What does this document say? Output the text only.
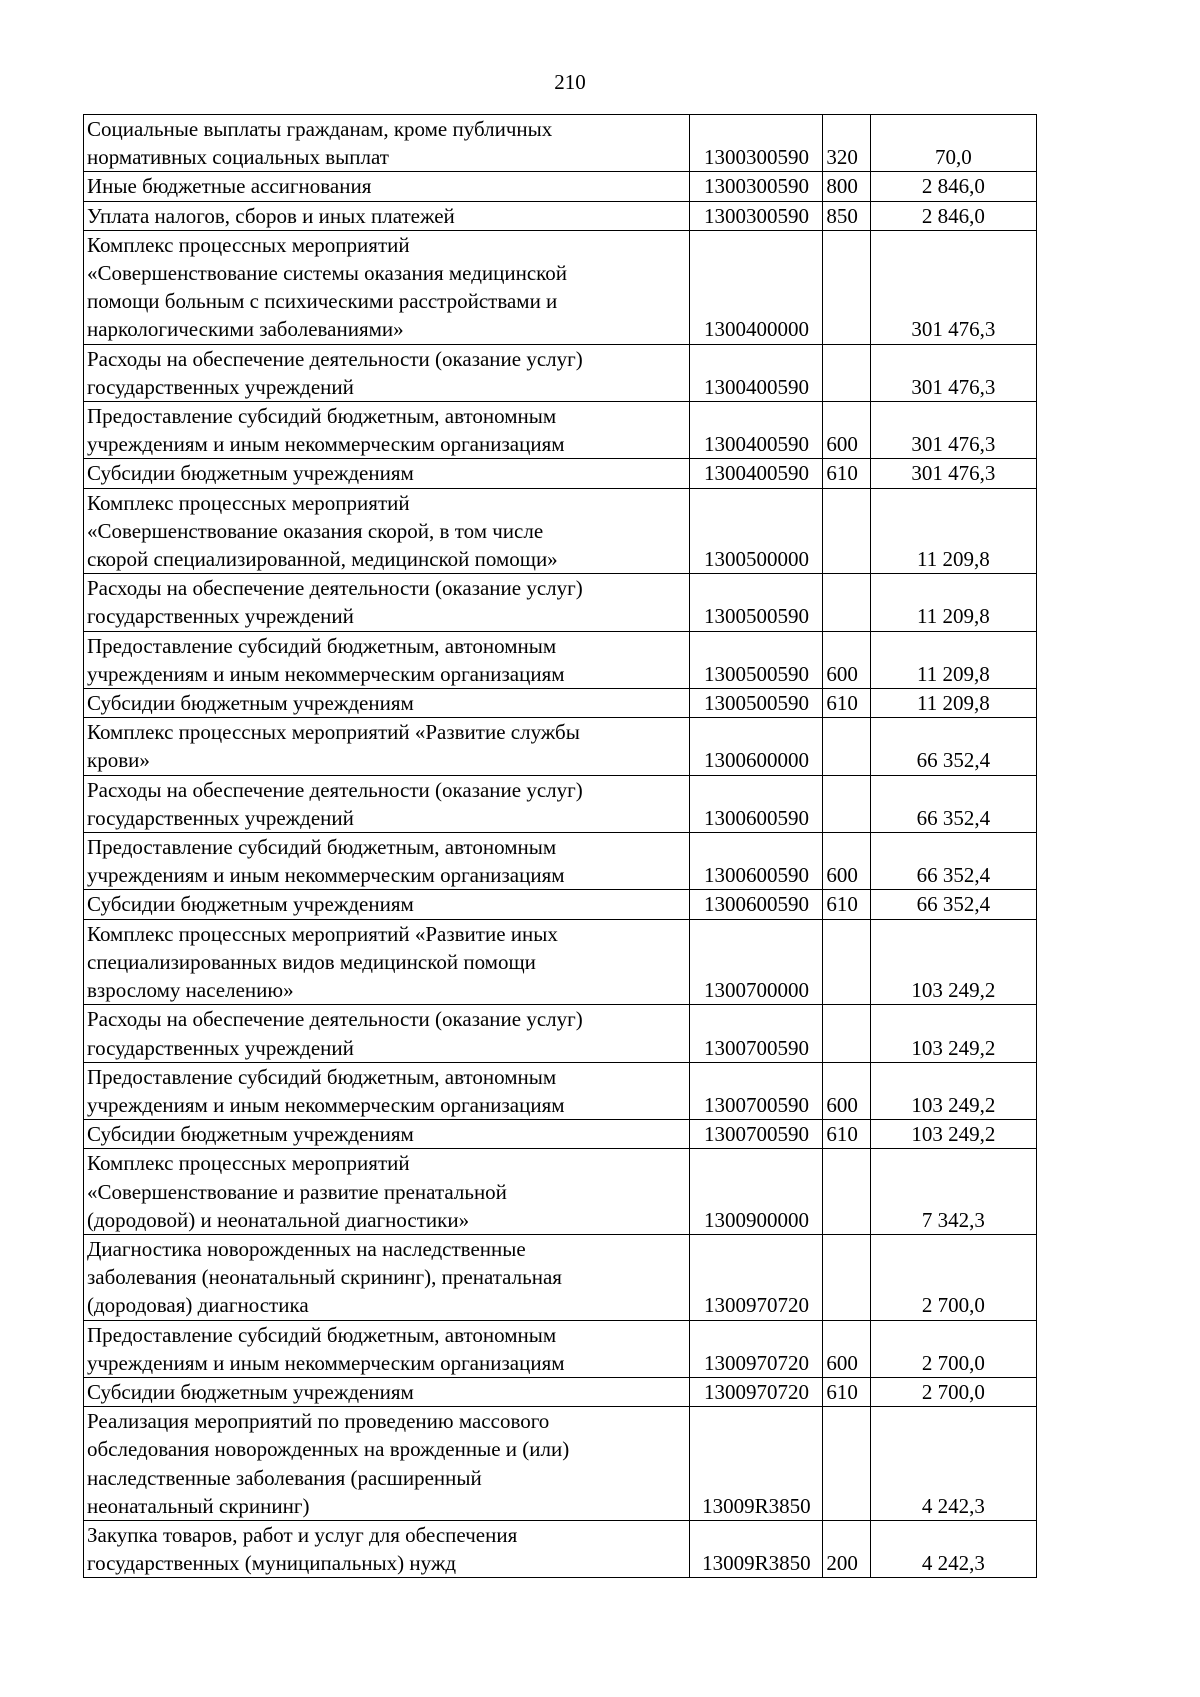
210
Социальные выплаты гражданам, кроме публичных
нормативных социальных выплат	1300300590	320	70,0

Иные бюджетные ассигнования	1300300590	800	2 846,0

Уплата налогов, сборов и иных платежей	1300300590	850	2 846,0

Комплекс процессных мероприятий
«Совершенствование системы оказания медицинской
помощи больным с психическими расстройствами и
наркологическими заболеваниями»	1300400000		301 476,3

Расходы на обеспечение деятельности (оказание услуг)
государственных учреждений	1300400590		301 476,3

Предоставление субсидий бюджетным, автономным
учреждениям и иным некоммерческим организациям	1300400590	600	301 476,3

Субсидии бюджетным учреждениям	1300400590	610	301 476,3

Комплекс процессных мероприятий
«Совершенствование оказания скорой, в том числе
скорой специализированной, медицинской помощи»	1300500000		11 209,8

Расходы на обеспечение деятельности (оказание услуг)
государственных учреждений	1300500590		11 209,8

Предоставление субсидий бюджетным, автономным
учреждениям и иным некоммерческим организациям	1300500590	600	11 209,8

Субсидии бюджетным учреждениям	1300500590	610	11 209,8

Комплекс процессных мероприятий «Развитие службы
крови»	1300600000		66 352,4

Расходы на обеспечение деятельности (оказание услуг)
государственных учреждений	1300600590		66 352,4

Предоставление субсидий бюджетным, автономным
учреждениям и иным некоммерческим организациям	1300600590	600	66 352,4

Субсидии бюджетным учреждениям	1300600590	610	66 352,4

Комплекс процессных мероприятий «Развитие иных
специализированных видов медицинской помощи
взрослому населению»	1300700000		103 249,2

Расходы на обеспечение деятельности (оказание услуг)
государственных учреждений	1300700590		103 249,2

Предоставление субсидий бюджетным, автономным
учреждениям и иным некоммерческим организациям	1300700590	600	103 249,2

Субсидии бюджетным учреждениям	1300700590	610	103 249,2

Комплекс процессных мероприятий
«Совершенствование и развитие пренатальной
(дородовой) и неонатальной диагностики»	1300900000		7 342,3

Диагностика новорожденных на наследственные
заболевания (неонатальный скрининг), пренатальная
(дородовая) диагностика	1300970720		2 700,0

Предоставление субсидий бюджетным, автономным
учреждениям и иным некоммерческим организациям	1300970720	600	2 700,0

Субсидии бюджетным учреждениям	1300970720	610	2 700,0

Реализация мероприятий по проведению массового
обследования новорожденных на врожденные и (или)
наследственные заболевания (расширенный
неонатальный скрининг)	13009R3850		4 242,3

Закупка товаров, работ и услуг для обеспечения
государственных (муниципальных) нужд	13009R3850	200	4 242,3
